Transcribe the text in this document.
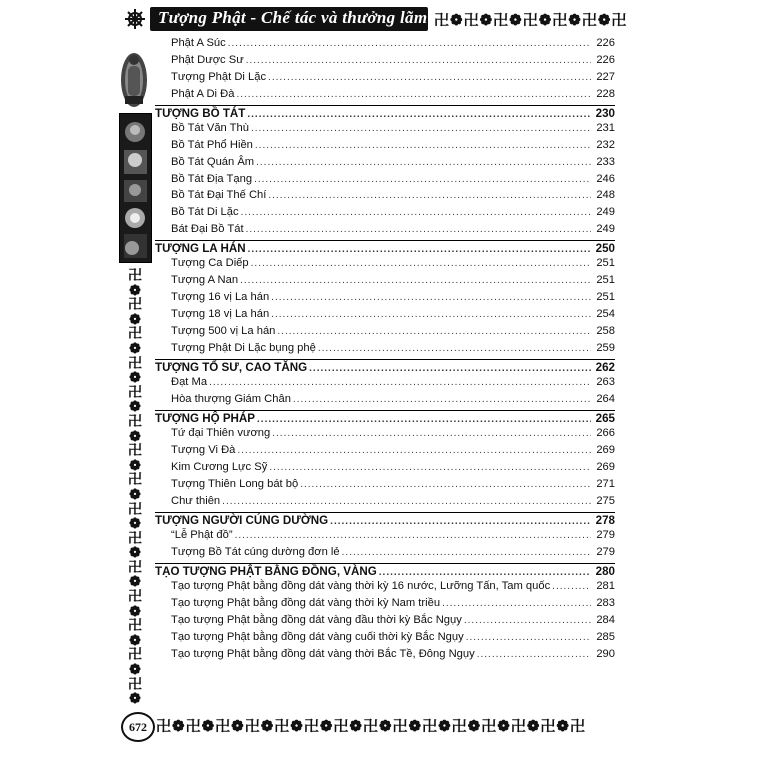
Tượng Phật - Chế tác và thưởng lãm 卍❁卍❁卍❁卍❁卍❁卍❁卍
卍
❁
卍
❁
卍
❁
卍
❁
卍
❁
卍
❁
卍
❁
卍
❁
卍
❁
卍
❁
卍
❁
卍
❁
卍
❁
卍
❁
卍
❁
Phật A Súc .....	226
Phật Dược Sư .....	226
Tượng Phật Di Lặc .....	227
Phật A Di Đà .....	228
TƯỢNG BỒ TÁT .....	230
Bồ Tát Văn Thù .....	231
Bồ Tát Phổ Hiền .....	232
Bồ Tát Quán Âm .....	233
Bồ Tát Địa Tạng .....	246
Bồ Tát Đại Thế Chí .....	248
Bồ Tát Di Lặc .....	249
Bát Đại Bồ Tát .....	249
TƯỢNG LA HÁN .....	250
Tượng Ca Diếp .....	251
Tượng A Nan .....	251
Tượng 16 vị La hán .....	251
Tượng 18 vị La hán .....	254
Tượng 500 vị La hán .....	258
Tượng Phật Di Lặc bụng phệ .....	259
TƯỢNG TỔ SƯ, CAO TĂNG .....	262
Đạt Ma .....	263
Hòa thượng Giám Chân .....	264
TƯỢNG HỘ PHÁP .....	265
Tứ đại Thiên vương .....	266
Tượng Vi Đà .....	269
Kim Cương Lực Sỹ .....	269
Tượng Thiên Long bát bộ .....	271
Chư thiên .....	275
TƯỢNG NGƯỜI CÚNG DƯỜNG .....	278
“Lễ Phật đồ” .....	279
Tượng Bồ Tát cúng dường đơn lẻ .....	279
TẠO TƯỢNG PHẬT BẰNG ĐỒNG, VÀNG .....	280
Tạo tượng Phật bằng đồng dát vàng thời kỳ 16 nước, Lưỡng Tấn, Tam quốc .....	281
Tạo tượng Phật bằng đồng dát vàng thời kỳ Nam triều .....	283
Tạo tượng Phật bằng đồng dát vàng đầu thời kỳ Bắc Ngụy .....	284
Tạo tượng Phật bằng đồng dát vàng cuối thời kỳ Bắc Ngụy .....	285
Tạo tượng Phật bằng đồng dát vàng thời Bắc Tề, Đông Ngụy .....	290
672 卍❁卍❁卍❁卍❁卍❁卍❁卍❁卍❁卍❁卍❁卍❁卍❁卍❁卍❁卍
